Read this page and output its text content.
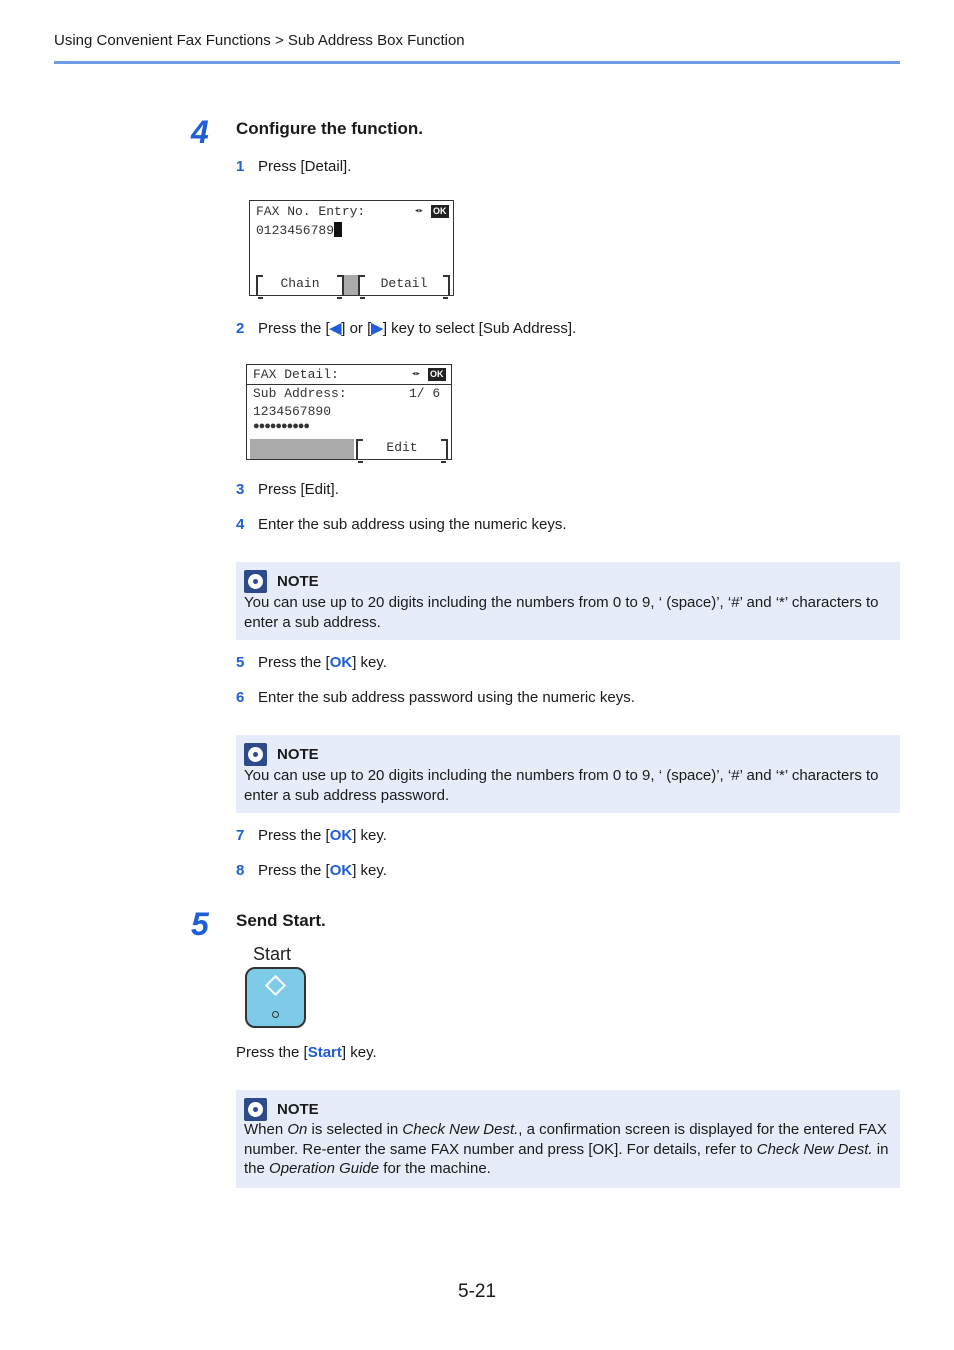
Using Convenient Fax Functions > Sub Address Box Function
4 Configure the function.
1 Press [Detail].
FAX No. Entry:	◂▸ OK
0123456789
Chain	Detail
2 Press the [◀] or [▶] key to select [Sub Address].
FAX Detail:	◂▸ OK
Sub Address:	1/ 6
1234567890
●●●●●●●●●●
Edit
3 Press [Edit].
4 Enter the sub address using the numeric keys.
NOTE
You can use up to 20 digits including the numbers from 0 to 9, ‘ (space)’, ‘#’ and ‘*’ characters to enter a sub address.
5 Press the [OK] key.
6 Enter the sub address password using the numeric keys.
NOTE
You can use up to 20 digits including the numbers from 0 to 9, ‘ (space)’, ‘#’ and ‘*’ characters to enter a sub address password.
7 Press the [OK] key.
8 Press the [OK] key.
5 Send Start.
Start
Press the [Start] key.
NOTE
When On is selected in Check New Dest., a confirmation screen is displayed for the entered FAX number. Re-enter the same FAX number and press [OK]. For details, refer to Check New Dest. in the Operation Guide for the machine.
5-21
